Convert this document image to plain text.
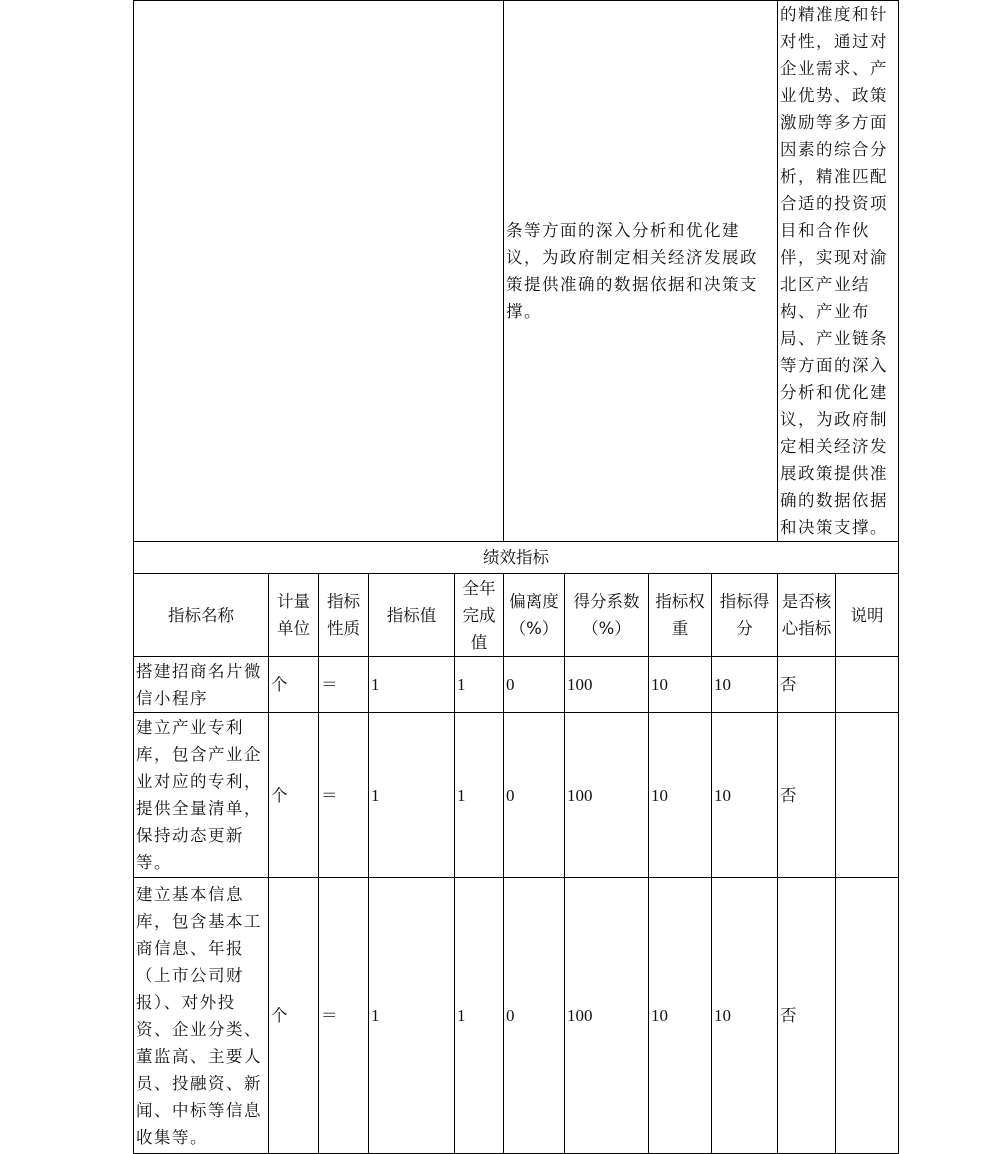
					条等方面的深入分析和优化建议，为政府制定相关经济发展政策提供准确的数据依据和决策支撑。				的精准度和针对性，通过对企业需求、产业优势、政策激励等多方面因素的综合分析，精准匹配合适的投资项目和合作伙伴，实现对渝北区产业结构、产业布局、产业链条等方面的深入分析和优化建议，为政府制定相关经济发展政策提供准确的数据依据和决策支撑。	
绩效指标										
指标名称	计量单位	指标性质	指标值	全年完成值	偏离度（%）	得分系数（%）	指标权重	指标得分	是否核心指标	说明
搭建招商名片微信小程序	个	＝	1	1	0	100	10	10	否	
建立产业专利库，包含产业企业对应的专利，提供全量清单，保持动态更新等。	个	＝	1	1	0	100	10	10	否	
建立基本信息库，包含基本工商信息、年报（上市公司财报）、对外投资、企业分类、董监高、主要人员、投融资、新闻、中标等信息收集等。	个	＝	1	1	0	100	10	10	否	
